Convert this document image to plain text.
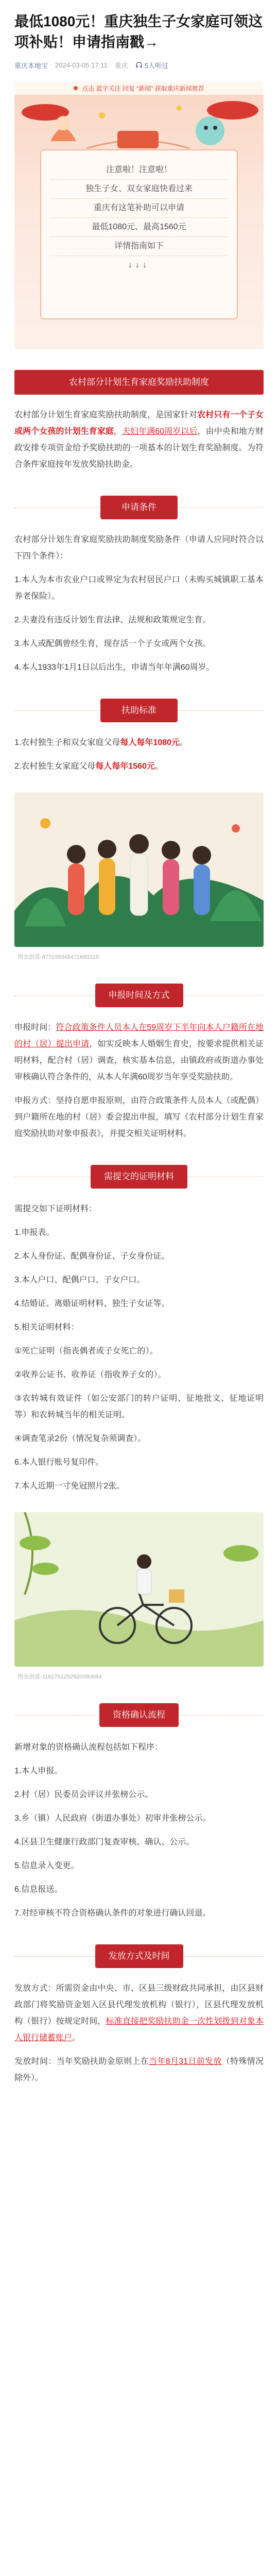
最低1080元！重庆独生子女家庭可领这项补贴！申请指南戳→
重庆本地宝 2024-03-05 17:11 重庆 5人听过
点击 蓝字关注 回复 “新闻” 获取重庆新闻推荐

注意啦！注意啦！

独生子女、双女家庭快看过来

重庆有这笔补助可以申请

最低1080元、最高1560元

详情指南如下

↓↓↓

农村部分计划生育家庭奖励扶助制度

农村部分计划生育家庭奖励扶助制度，是国家针对农村只有一个子女或两个女孩的计划生育家庭，夫妇年满60周岁以后，由中央和地方财政安排专项资金给予奖励扶助的一项基本的计划生育奖励制度。为符合条件家庭按年发放奖励扶助金。

申请条件

农村部分计划生育家庭奖励扶助制度奖励条件（申请人应同时符合以下四个条件）：

1.本人为本市农业户口或界定为农村居民户口（未购买城镇职工基本养老保险）。

2.夫妻没有违反计划生育法律、法规和政策规定生育。

3.本人或配偶曾经生育，现存活一个子女或两个女孩。

4.本人1933年1月1日以后出生，申请当年年满60周岁。

扶助标准

1.农村独生子和双女家庭父母每人每年1080元。

2.农村独生女家庭父母每人每年1560元。

图虫创意-877039348471693319
申报时间及方式

申报时间：符合政策条件人员本人在59周岁下半年向本人户籍所在地的村（居）提出申请，如实反映本人婚姻生育史，按要求提供相关证明材料，配合村（居）调查，核实基本信息，由镇政府或街道办事处审核确认符合条件的，从本人年满60周岁当年享受奖励扶助。

申报方式：坚持自愿申报原则，由符合政策条件人员本人（或配偶）到户籍所在地的村（居）委会提出申报，填写《农村部分计划生育家庭奖励扶助对象申报表》，并提交相关证明材料。

需提交的证明材料

需提交如下证明材料：

1.申报表。

2.本人身份证、配偶身份证、子女身份证。

3.本人户口、配偶户口、子女户口。

4.结婚证、离婚证明材料、独生子女证等。

5.相关证明材料：

①死亡证明（指丧偶者或子女死亡的）。

②收养公证书、收养证（指收养子女的）。

③农转城有效证件（如公安部门的转户证明、征地批文、征地证明等）和农转城当年的相关证明。

④调查笔录2份（情况复杂须调查）。

6.本人银行账号复印件。

7.本人近期一寸免冠照片2张。

图虫创意-1162751252920090684
资格确认流程

新增对象的资格确认流程包括如下程序：

1.本人申报。

2.村（居）民委员会评议并张榜公示。

3.乡（镇）人民政府（街道办事处）初审并张榜公示。

4.区县卫生健康行政部门复查审核、确认、公示。

5.信息录入变更。

6.信息报送。

7.对经审核不符合资格确认条件的对象进行确认回退。

发放方式及时间

发放方式：所需资金由中央、市、区县三级财政共同承担，由区县财政部门将奖励资金划入区县代理发放机构（银行），区县代理发放机构（银行）按规定时间，标准直接把奖励扶助金一次性划拨到对象本人银行储蓄账户。

发放时间：当年奖励扶助金原则上在当年8月31日前发放（特殊情况除外）。
